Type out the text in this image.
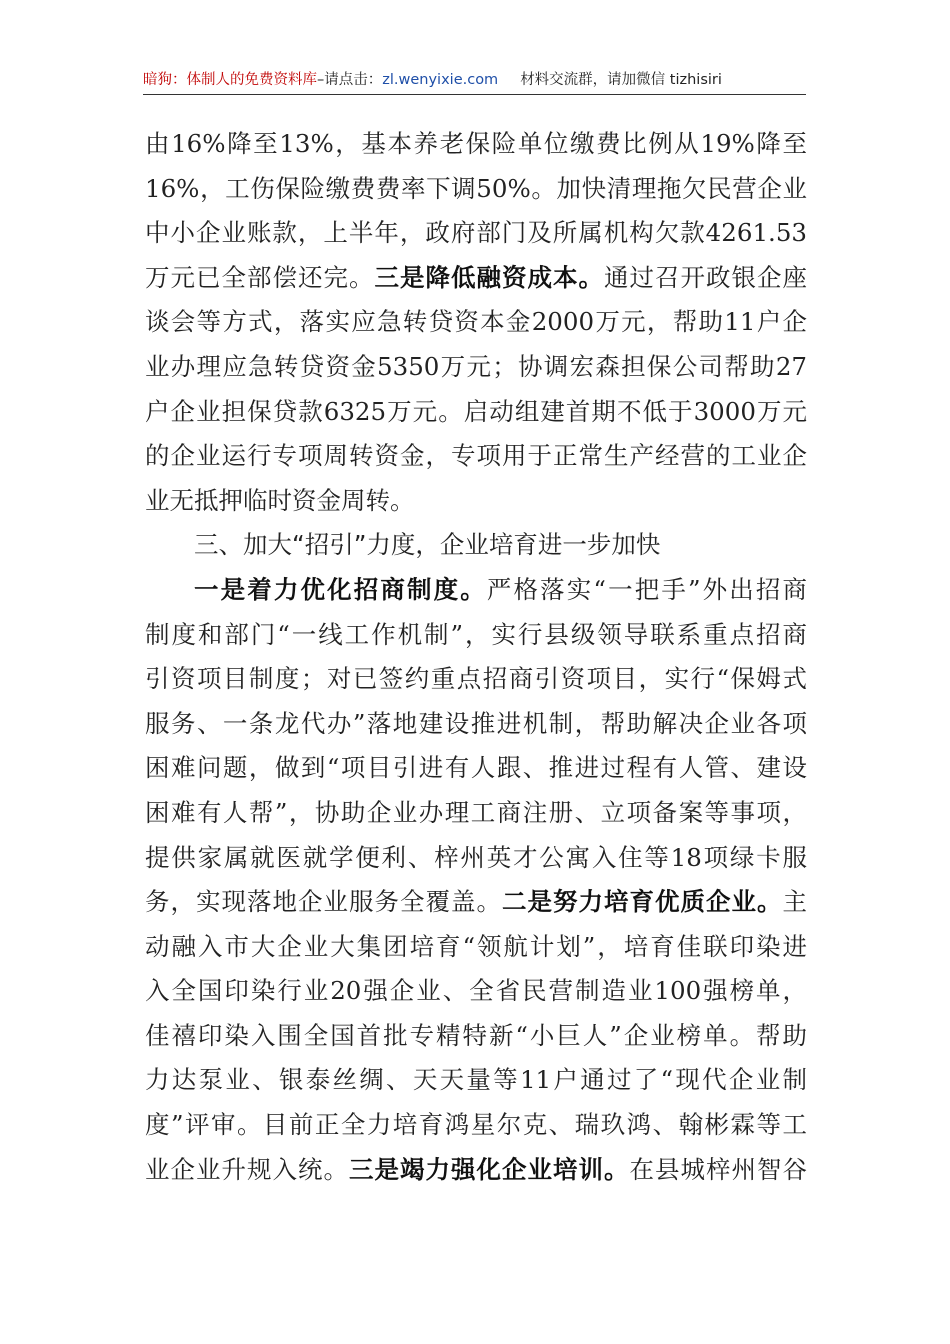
暗狗：体制人的免费资料库–请点击：zl.wenyixie.com 材料交流群，请加微信 tizhisiri
由16%降至13%，基本养老保险单位缴费比例从19%降至
16%，工伤保险缴费费率下调50%。加快清理拖欠民营企业
中小企业账款，上半年，政府部门及所属机构欠款4261.53
万元已全部偿还完。三是降低融资成本。通过召开政银企座
谈会等方式，落实应急转贷资本金2000万元，帮助11户企
业办理应急转贷资金5350万元；协调宏森担保公司帮助27
户企业担保贷款6325万元。启动组建首期不低于3000万元
的企业运行专项周转资金，专项用于正常生产经营的工业企
业无抵押临时资金周转。
三、加大“招引”力度，企业培育进一步加快
一是着力优化招商制度。严格落实“一把手”外出招商
制度和部门“一线工作机制”，实行县级领导联系重点招商
引资项目制度；对已签约重点招商引资项目，实行“保姆式
服务、一条龙代办”落地建设推进机制，帮助解决企业各项
困难问题，做到“项目引进有人跟、推进过程有人管、建设
困难有人帮”，协助企业办理工商注册、立项备案等事项，
提供家属就医就学便利、梓州英才公寓入住等18项绿卡服
务，实现落地企业服务全覆盖。二是努力培育优质企业。主
动融入市大企业大集团培育“领航计划”，培育佳联印染进
入全国印染行业20强企业、全省民营制造业100强榜单，
佳禧印染入围全国首批专精特新“小巨人”企业榜单。帮助
力达泵业、银泰丝绸、天天量等11户通过了“现代企业制
度”评审。目前正全力培育鸿星尔克、瑞玖鸿、翰彬霖等工
业企业升规入统。三是竭力强化企业培训。在县城梓州智谷
